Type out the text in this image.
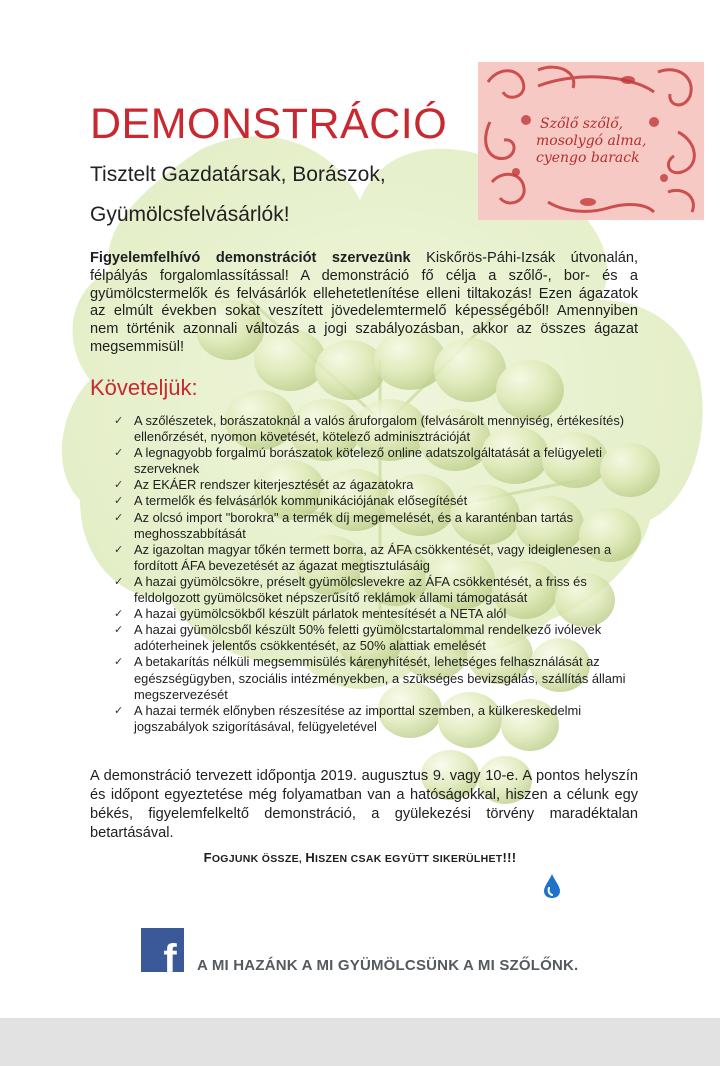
Szőlő szőlő,
mosolygó alma,
cyengo barack
DEMONSTRÁCIÓ
Tisztelt Gazdatársak, Borászok,
Gyümölcsfelvásárlók!
Figyelemfelhívó demonstrációt szervezünk Kiskőrös-Páhi-Izsák útvonalán, félpályás forgalomlassítással! A demonstráció fő célja a szőlő-, bor- és a gyümölcstermelők és felvásárlók ellehetetlenítése elleni tiltakozás! Ezen ágazatok az elmúlt években sokat veszített jövedelemtermelő képességéből! Amennyiben nem történik azonnali változás a jogi szabályozásban, akkor az összes ágazat megsemmisül!
Követeljük:
✓ A szőlészetek, borászatoknál a valós áruforgalom (felvásárolt mennyiség, értékesítés) ellenőrzését, nyomon követését, kötelező adminisztrációját
✓ A legnagyobb forgalmú borászatok kötelező online adatszolgáltatását a felügyeleti szerveknek
✓ Az EKÁER rendszer kiterjesztését az ágazatokra
✓ A termelők és felvásárlók kommunikációjának elősegítését
✓ Az olcsó import "borokra" a termék díj megemelését, és a karanténban tartás meghosszabbítását
✓ Az igazoltan magyar tőkén termett borra, az ÁFA csökkentését, vagy ideiglenesen a fordított ÁFA bevezetését az ágazat megtisztulásáig
✓ A hazai gyümölcsökre, préselt gyümölcslevekre az ÁFA csökkentését, a friss és feldolgozott gyümölcsöket népszerűsítő reklámok állami támogatását
✓ A hazai gyümölcsökből készült párlatok mentesítését a NETA alól
✓ A hazai gyümölcsből készült 50% feletti gyümölcstartalommal rendelkező ivólevek adóterheinek jelentős csökkentését, az 50% alattiak emelését
✓ A betakarítás nélküli megsemmisülés kárenyhítését, lehetséges felhasználását az egészségügyben, szociális intézményekben, a szükséges bevizsgálás, szállítás állami megszervezését
✓ A hazai termék előnyben részesítése az importtal szemben, a külkereskedelmi jogszabályok szigorításával, felügyeletével
A demonstráció tervezett időpontja 2019. augusztus 9. vagy 10-e. A pontos helyszín és időpont egyeztetése még folyamatban van a hatóságokkal, hiszen a célunk egy békés, figyelemfelkeltő demonstráció, a gyülekezési törvény maradéktalan betartásával.
FOGJUNK ÖSSZE, HISZEN CSAK EGYÜTT SIKERÜLHET!!!
f A MI HAZÁNK A MI GYÜMÖLCSÜNK A MI SZŐLŐNK.
